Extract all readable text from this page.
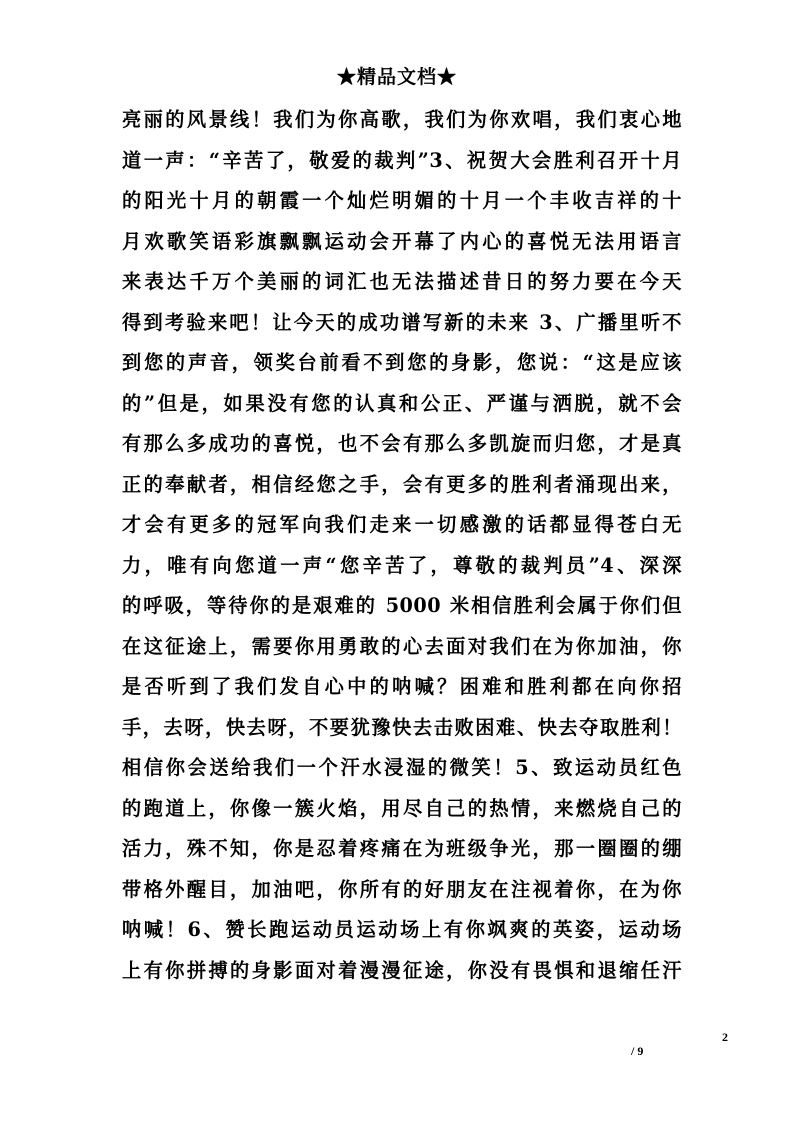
★精品文档★
亮丽的风景线！我们为你高歌，我们为你欢唱，我们衷心地
道一声：“辛苦了，敬爱的裁判”3、祝贺大会胜利召开十月
的阳光十月的朝霞一个灿烂明媚的十月一个丰收吉祥的十
月欢歌笑语彩旗飘飘运动会开幕了内心的喜悦无法用语言
来表达千万个美丽的词汇也无法描述昔日的努力要在今天
得到考验来吧！让今天的成功谱写新的未来 3、广播里听不
到您的声音，领奖台前看不到您的身影，您说：“这是应该
的”但是，如果没有您的认真和公正、严谨与洒脱，就不会
有那么多成功的喜悦，也不会有那么多凯旋而归您，才是真
正的奉献者，相信经您之手，会有更多的胜利者涌现出来，
才会有更多的冠军向我们走来一切感激的话都显得苍白无
力，唯有向您道一声“您辛苦了，尊敬的裁判员”4、深深
的呼吸，等待你的是艰难的 5000 米相信胜利会属于你们但
在这征途上，需要你用勇敢的心去面对我们在为你加油，你
是否听到了我们发自心中的呐喊？困难和胜利都在向你招
手，去呀，快去呀，不要犹豫快去击败困难、快去夺取胜利！
相信你会送给我们一个汗水浸湿的微笑！5、致运动员红色
的跑道上，你像一簇火焰，用尽自己的热情，来燃烧自己的
活力，殊不知，你是忍着疼痛在为班级争光，那一圈圈的绷
带格外醒目，加油吧，你所有的好朋友在注视着你，在为你
呐喊！6、赞长跑运动员运动场上有你飒爽的英姿，运动场
上有你拼搏的身影面对着漫漫征途，你没有畏惧和退缩任汗
2
/ 9
